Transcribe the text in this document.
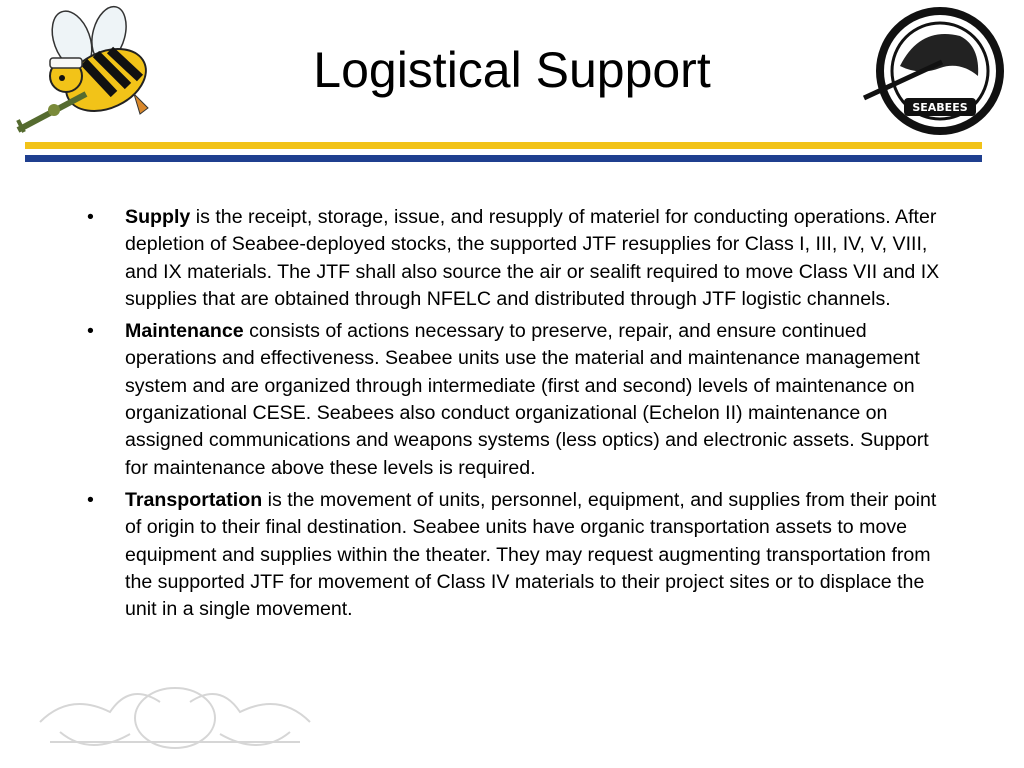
Logistical Support
SEABEES
•	Supply is the receipt, storage, issue, and resupply of materiel for conducting operations. After depletion of Seabee-deployed stocks, the supported JTF resupplies for Class I, III, IV, V, VIII, and IX materials. The JTF shall also source the air or sealift required to move Class VII and IX supplies that are obtained through NFELC and distributed through JTF logistic channels.
•	Maintenance consists of actions necessary to preserve, repair, and ensure continued operations and effectiveness. Seabee units use the material and maintenance management system and are organized through intermediate (first and second) levels of maintenance on organizational CESE. Seabees also conduct organizational (Echelon II) maintenance on assigned communications and weapons systems (less optics) and electronic assets. Support for maintenance above these levels is required.
•	Transportation is the movement of units, personnel, equipment, and supplies from their point of origin to their final destination. Seabee units have organic transportation assets to move equipment and supplies within the theater. They may request augmenting transportation from the supported JTF for movement of Class IV materials to their project sites or to displace the unit in a single movement.
